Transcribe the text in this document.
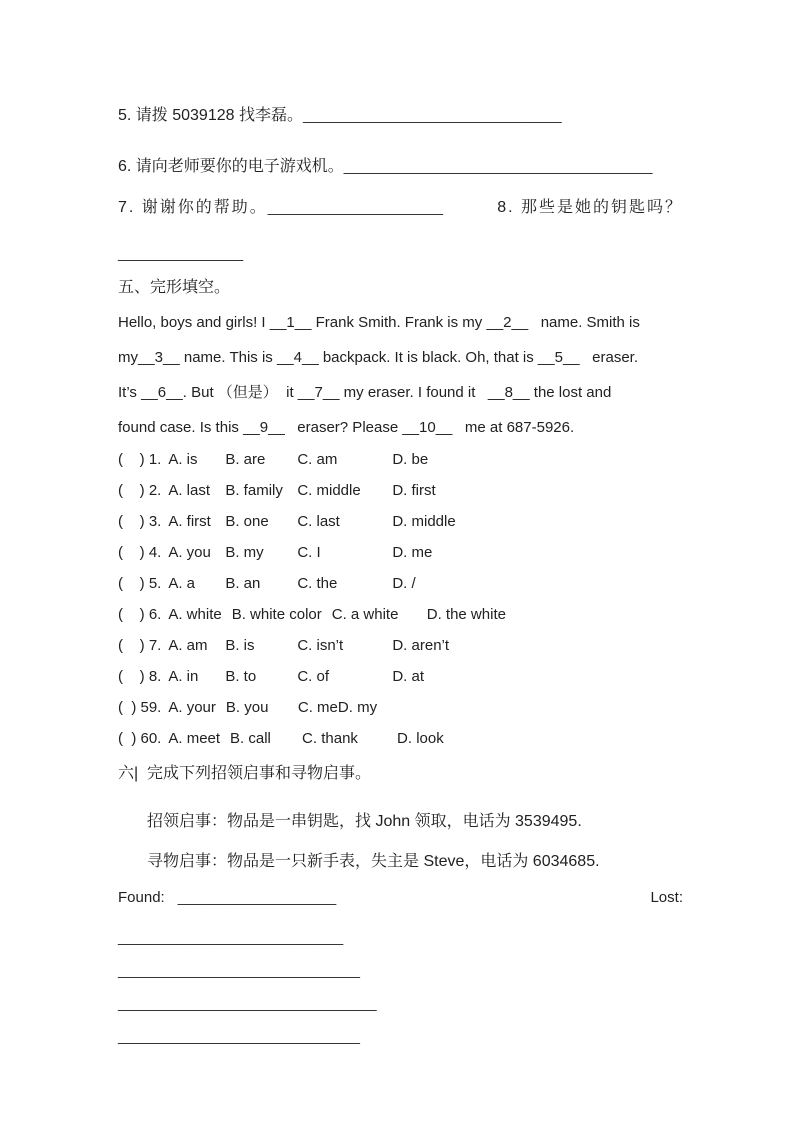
5. 请拨 5039128 找李磊。_______________________________
6. 请向老师要你的电子游戏机。_____________________________________
7. 谢谢你的帮助。_____________________	8. 那些是她的钥匙吗？
_______________
五、完形填空。
Hello, boys and girls! I __1__ Frank Smith. Frank is my __2__   name. Smith is
my__3__ name. This is __4__ backpack. It is black. Oh, that is __5__   eraser.
It’s __6__. But （但是）  it __7__ my eraser. I found it   __8__ the lost and
found case. Is this __9__   eraser? Please __10__   me at 687-5926.
(    ) 1. A. is B. are C. am	D. be
(    ) 2. A. last B. family C. middle D. first
(    ) 3. A. first B. one C. last	D. middle
(    ) 4. A. you B. my C. I	D. me
(    ) 5. A. a B. an C. the	D. /
(    ) 6. A. white B. white color C. a white D. the white
(    ) 7. A. am B. is	C. isn’t	D. aren’t
(    ) 8. A. in B. to	C. of	D. at
(  ) 59. A. your B. you C. meD. my
(  ) 60. A. meet B. call C. thank	D. look
六|  完成下列招领启事和寻物启事。
招领启事：物品是一串钥匙，找 John 领取，电话为 3539495.
寻物启事：物品是一只新手表，失主是 Steve，电话为 6034685.
Found: ___________________	Lost:
___________________________
_____________________________
_______________________________
_____________________________
